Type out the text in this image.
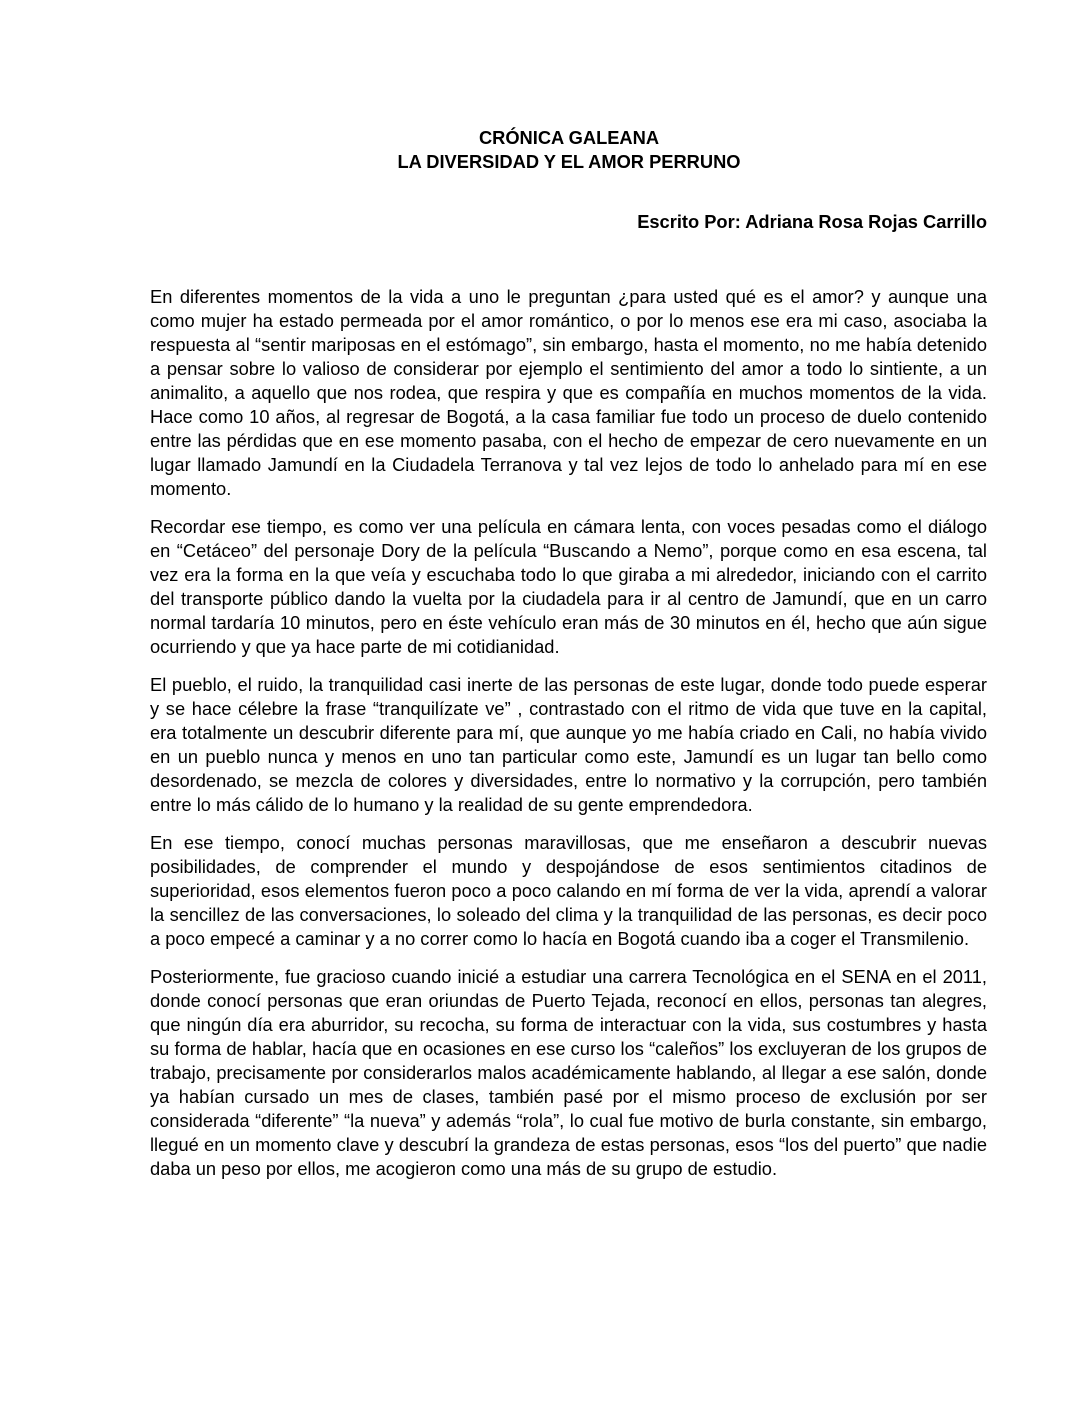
CRÓNICA GALEANA
LA DIVERSIDAD Y EL AMOR PERRUNO
Escrito Por: Adriana Rosa Rojas Carrillo

En diferentes momentos de la vida a uno le preguntan ¿para usted qué es el amor? y aunque una como mujer ha estado permeada por el amor romántico, o por lo menos ese era mi caso, asociaba la respuesta al “sentir mariposas en el estómago”, sin embargo, hasta el momento, no me había detenido a pensar sobre lo valioso de considerar por ejemplo el sentimiento del amor a todo lo sintiente, a un animalito, a aquello que nos rodea, que respira y que es compañía en muchos momentos de la vida. Hace como 10 años, al regresar de Bogotá, a la casa familiar fue todo un proceso de duelo contenido entre las pérdidas que en ese momento pasaba, con el hecho de empezar de cero nuevamente en un lugar llamado Jamundí en la Ciudadela Terranova y tal vez lejos de todo lo anhelado para mí en ese momento.

Recordar ese tiempo, es como ver una película en cámara lenta, con voces pesadas como el diálogo en “Cetáceo” del personaje Dory de la película “Buscando a Nemo”, porque como en esa escena, tal vez era la forma en la que veía y escuchaba todo lo que giraba a mi alrededor, iniciando con el carrito del transporte público dando la vuelta por la ciudadela para ir al centro de Jamundí, que en un carro normal tardaría 10 minutos, pero en éste vehículo eran más de 30 minutos en él, hecho que aún sigue ocurriendo y que ya hace parte de mi cotidianidad.

El pueblo, el ruido, la tranquilidad casi inerte de las personas de este lugar, donde todo puede esperar y se hace célebre la frase “tranquilízate ve” , contrastado con el ritmo de vida que tuve en la capital, era totalmente un descubrir diferente para mí, que aunque yo me había criado en Cali, no había vivido en un pueblo nunca y menos en uno tan particular como este, Jamundí es un lugar tan bello como desordenado, se mezcla de colores y diversidades, entre lo normativo y la corrupción, pero también entre lo más cálido de lo humano y la realidad de su gente emprendedora.

En ese tiempo, conocí muchas personas maravillosas, que me enseñaron a descubrir nuevas posibilidades, de comprender el mundo y despojándose de esos sentimientos citadinos de superioridad, esos elementos fueron poco a poco calando en mí forma de ver la vida, aprendí a valorar la sencillez de las conversaciones, lo soleado del clima y la tranquilidad de las personas, es decir poco a poco empecé a caminar y a no correr como lo hacía en Bogotá cuando iba a coger el Transmilenio.

Posteriormente, fue gracioso cuando inicié a estudiar una carrera Tecnológica en el SENA en el 2011, donde conocí personas que eran oriundas de Puerto Tejada, reconocí en ellos, personas tan alegres, que ningún día era aburridor, su recocha, su forma de interactuar con la vida, sus costumbres y hasta su forma de hablar, hacía que en ocasiones en ese curso los “caleños” los excluyeran de los grupos de trabajo, precisamente por considerarlos malos académicamente hablando, al llegar a ese salón, donde ya habían cursado un mes de clases, también pasé por el mismo proceso de exclusión por ser considerada “diferente” “la nueva” y además “rola”, lo cual fue motivo de burla constante, sin embargo, llegué en un momento clave y descubrí la grandeza de estas personas, esos “los del puerto” que nadie daba un peso por ellos, me acogieron como una más de su grupo de estudio.
